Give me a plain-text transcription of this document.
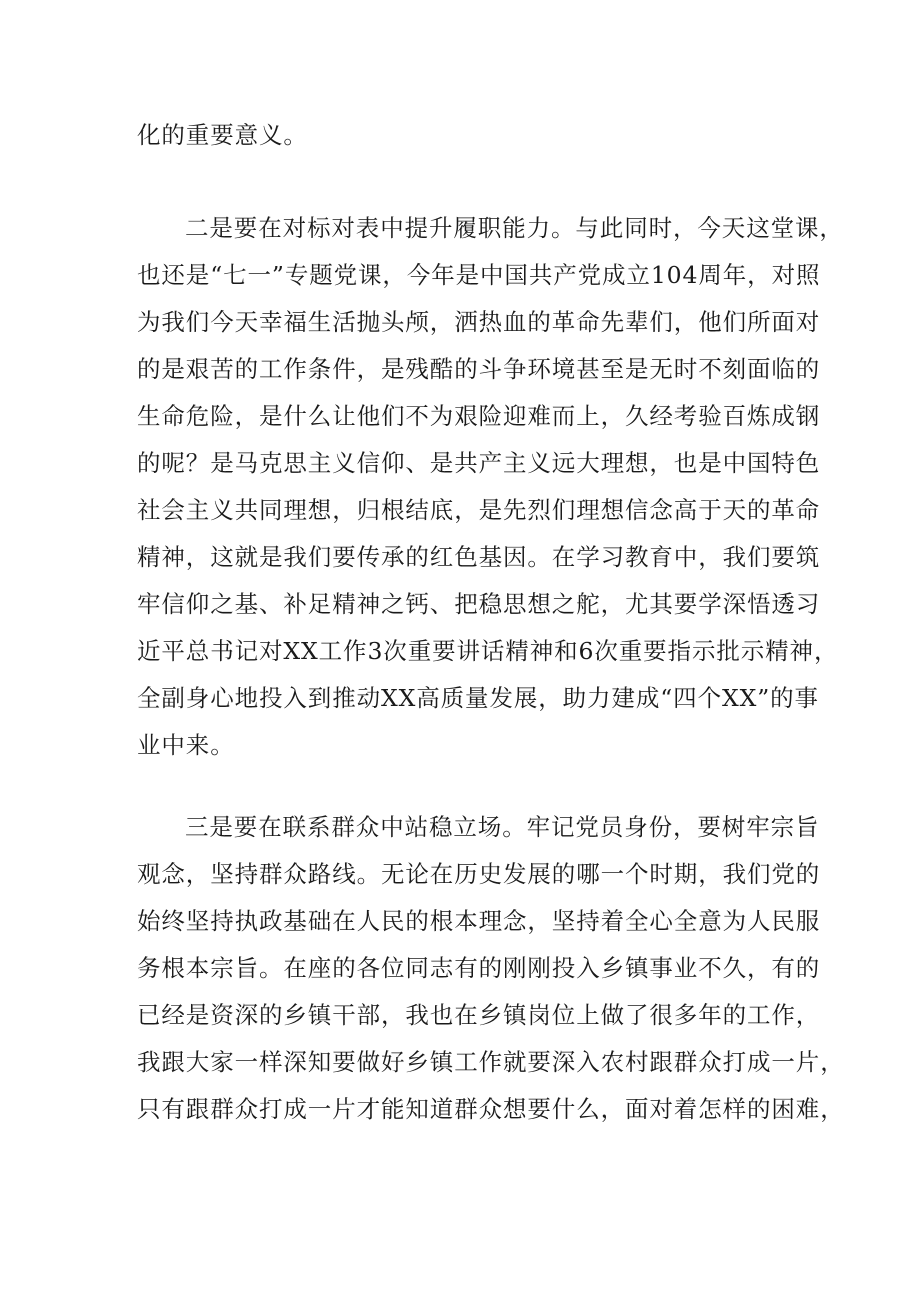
化的重要意义。

二是要在对标对表中提升履职能力。与此同时，今天这堂课，
也还是“七一”专题党课，今年是中国共产党成立104周年，对照
为我们今天幸福生活抛头颅，洒热血的革命先辈们，他们所面对
的是艰苦的工作条件，是残酷的斗争环境甚至是无时不刻面临的
生命危险，是什么让他们不为艰险迎难而上，久经考验百炼成钢
的呢？是马克思主义信仰、是共产主义远大理想，也是中国特色
社会主义共同理想，归根结底，是先烈们理想信念高于天的革命
精神，这就是我们要传承的红色基因。在学习教育中，我们要筑
牢信仰之基、补足精神之钙、把稳思想之舵，尤其要学深悟透习
近平总书记对XX工作3次重要讲话精神和6次重要指示批示精神，
全副身心地投入到推动XX高质量发展，助力建成“四个XX”的事
业中来。

三是要在联系群众中站稳立场。牢记党员身份，要树牢宗旨
观念，坚持群众路线。无论在历史发展的哪一个时期，我们党的
始终坚持执政基础在人民的根本理念，坚持着全心全意为人民服
务根本宗旨。在座的各位同志有的刚刚投入乡镇事业不久，有的
已经是资深的乡镇干部，我也在乡镇岗位上做了很多年的工作，
我跟大家一样深知要做好乡镇工作就要深入农村跟群众打成一片，
只有跟群众打成一片才能知道群众想要什么，面对着怎样的困难，
